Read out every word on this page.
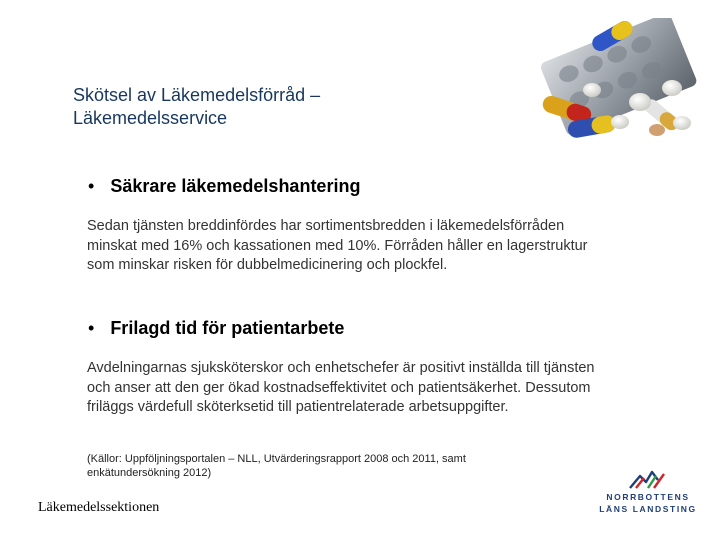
Skötsel av Läkemedelsförråd – Läkemedelsservice
• Säkrare läkemedelshantering
Sedan tjänsten breddinfördes har sortimentsbredden i läkemedelsförråden minskat med 16% och kassationen med 10%. Förråden håller en lagerstruktur som minskar risken för dubbelmedicinering och plockfel.
• Frilagd tid för patientarbete
Avdelningarnas sjuksköterskor och enhetschefer är positivt inställda till tjänsten och anser att den ger ökad kostnadseffektivitet och patientsäkerhet. Dessutom friläggs värdefull sköterksetid till patientrelaterade arbetsuppgifter.
(Källor: Uppföljningsportalen – NLL, Utvärderingsrapport 2008 och 2011, samt enkätundersökning 2012)
Läkemedelssektionen
NORRBOTTENS
LÄNS LANDSTING
